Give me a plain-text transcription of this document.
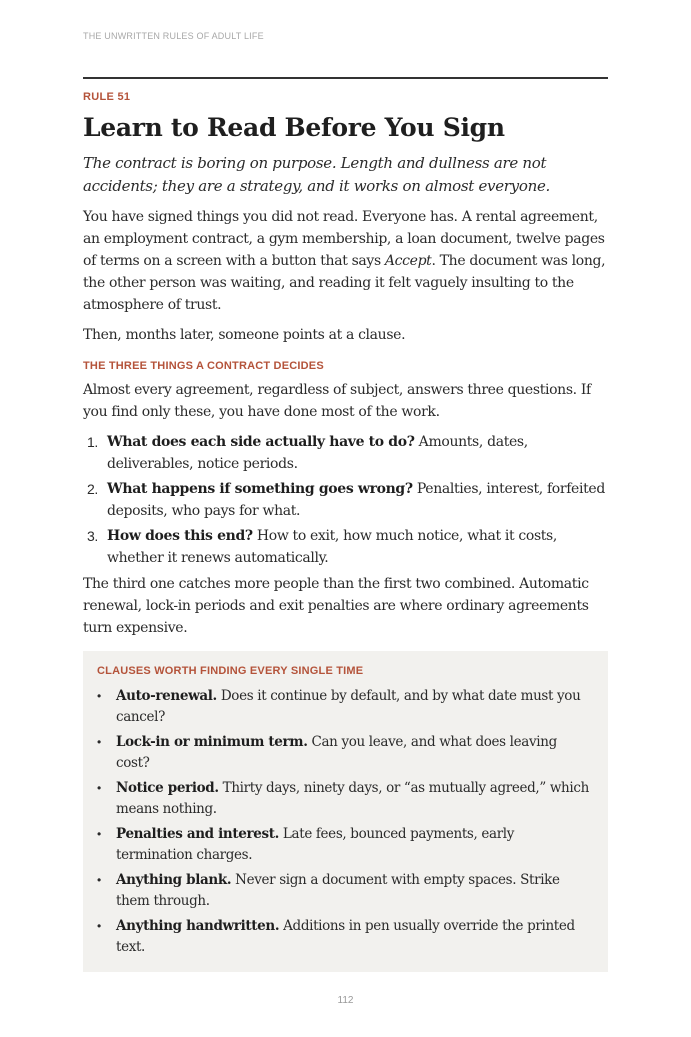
THE UNWRITTEN RULES OF ADULT LIFE

RULE 51

Learn to Read Before You Sign

The contract is boring on purpose. Length and dullness are not accidents; they are a strategy, and it works on almost everyone.

You have signed things you did not read. Everyone has. A rental agreement, an employment contract, a gym membership, a loan document, twelve pages of terms on a screen with a button that says Accept. The document was long, the other person was waiting, and reading it felt vaguely insulting to the atmosphere of trust.

Then, months later, someone points at a clause.

THE THREE THINGS A CONTRACT DECIDES

Almost every agreement, regardless of subject, answers three questions. If you find only these, you have done most of the work.

1. What does each side actually have to do? Amounts, dates, deliverables, notice periods.
2. What happens if something goes wrong? Penalties, interest, forfeited deposits, who pays for what.
3. How does this end? How to exit, how much notice, what it costs, whether it renews automatically.

The third one catches more people than the first two combined. Automatic renewal, lock-in periods and exit penalties are where ordinary agreements turn expensive.

CLAUSES WORTH FINDING EVERY SINGLE TIME
• Auto-renewal. Does it continue by default, and by what date must you cancel?
• Lock-in or minimum term. Can you leave, and what does leaving cost?
• Notice period. Thirty days, ninety days, or “as mutually agreed,” which means nothing.
• Penalties and interest. Late fees, bounced payments, early termination charges.
• Anything blank. Never sign a document with empty spaces. Strike them through.
• Anything handwritten. Additions in pen usually override the printed text.
112
